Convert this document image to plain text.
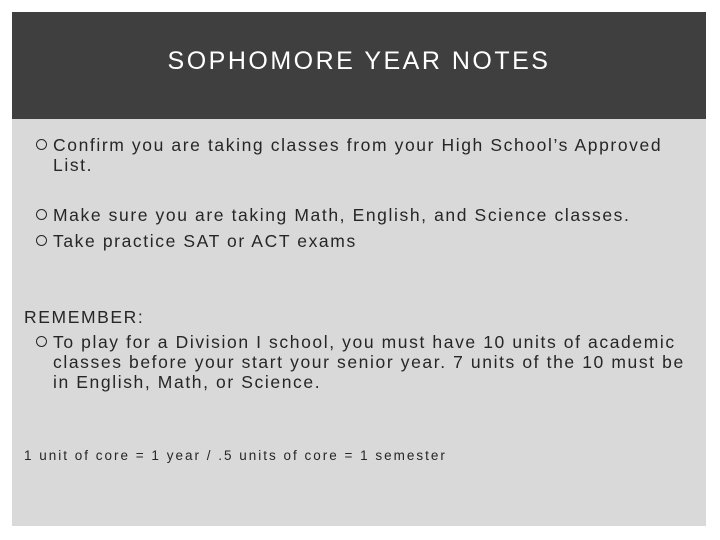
SOPHOMORE YEAR NOTES
Confirm you are taking classes from your High School’s Approved List.
Make sure you are taking Math, English, and Science classes.
Take practice SAT or ACT exams
REMEMBER:
To play for a Division I school, you must have 10 units of academic classes before your start your senior year. 7 units of the 10 must be in English, Math, or Science.
1 unit of core = 1 year / .5 units of core = 1 semester
